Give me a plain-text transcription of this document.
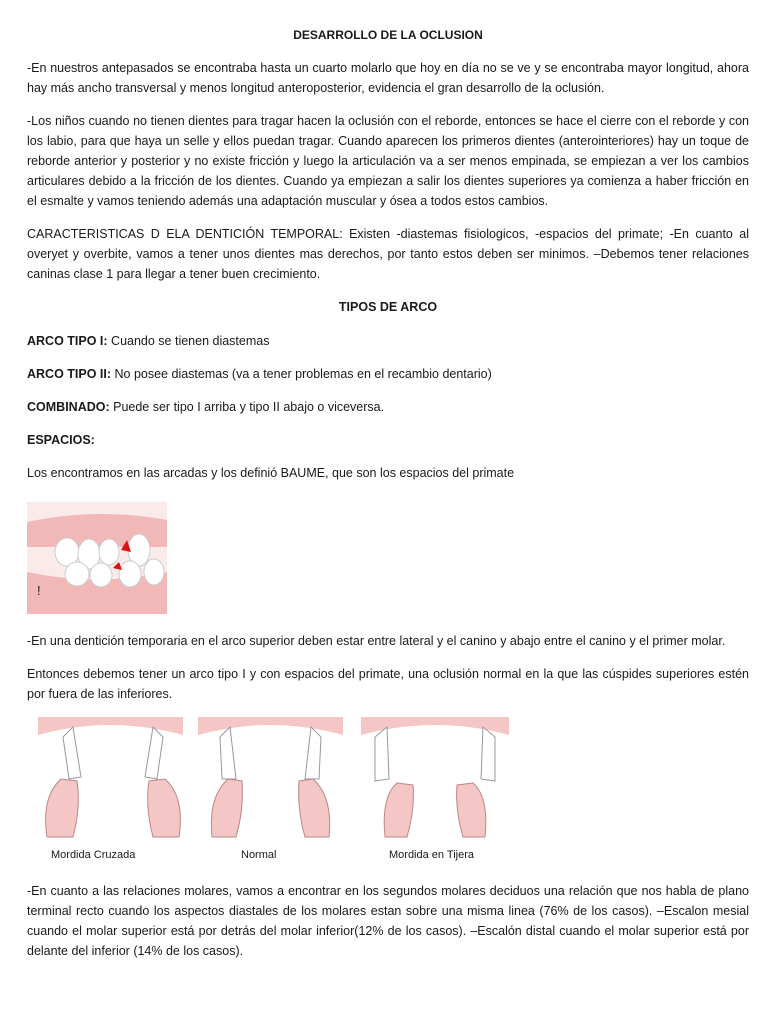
DESARROLLO DE LA OCLUSION

-En nuestros antepasados se encontraba hasta un cuarto molarlo que hoy en día no se ve y se encontraba mayor longitud, ahora hay más ancho transversal y menos longitud anteroposterior, evidencia el gran desarrollo de la oclusión.

-Los niños cuando no tienen dientes para tragar hacen la oclusión con el reborde, entonces se hace el cierre con el reborde y con los labio, para que haya un selle y ellos puedan tragar. Cuando aparecen los primeros dientes (anterointeriores) hay un toque de reborde anterior y posterior y no existe fricción y luego la articulación va a ser menos empinada, se empiezan a ver los cambios articulares debido a la fricción de los dientes. Cuando ya empiezan a salir los dientes superiores ya comienza a haber fricción en el esmalte y vamos teniendo además una adaptación muscular y ósea a todos estos cambios.

CARACTERISTICAS D ELA DENTICIÓN TEMPORAL: Existen -diastemas fisiologicos, -espacios del primate; -En cuanto al overyet y overbite, vamos a tener unos dientes mas derechos, por tanto estos deben ser minimos. –Debemos tener relaciones caninas clase 1 para llegar a tener buen crecimiento.

TIPOS DE ARCO

ARCO TIPO I: Cuando se tienen diastemas

ARCO TIPO II: No posee diastemas (va a tener problemas en el recambio dentario)

COMBINADO: Puede ser tipo I arriba y tipo II abajo o viceversa.

ESPACIOS:

Los encontramos en las arcadas y los definió BAUME, que son los espacios del primate

!

-En una dentición temporaria en el arco superior deben estar entre lateral y el canino y abajo entre el canino y el primer molar.

Entonces debemos tener un arco tipo I y con espacios del primate, una oclusión normal en la que las cúspides superiores estén por fuera de las inferiores.

Mordida Cruzada	Normal	Mordida en Tijera

-En cuanto a las relaciones molares, vamos a encontrar en los segundos molares deciduos una relación que nos habla de plano terminal recto cuando los aspectos diastales de los molares estan sobre una misma linea (76% de los casos). –Escalon mesial cuando el molar superior está por detrás del molar inferior(12% de los casos). –Escalón distal cuando el molar superior está por delante del inferior (14% de los casos).
